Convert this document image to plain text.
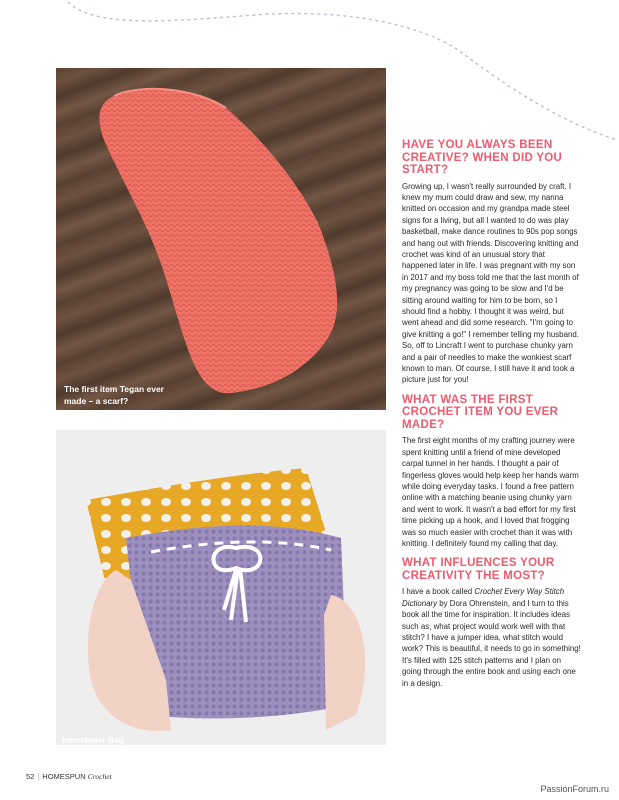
The first item Tegan ever
made – a scarf?
Interstellar Bag
HAVE YOU ALWAYS BEEN CREATIVE? WHEN DID YOU START?
Growing up, I wasn't really surrounded by craft. I knew my mum could draw and sew, my nanna knitted on occasion and my grandpa made steel signs for a living, but all I wanted to do was play basketball, make dance routines to 90s pop songs and hang out with friends. Discovering knitting and crochet was kind of an unusual story that happened later in life. I was pregnant with my son in 2017 and my boss told me that the last month of my pregnancy was going to be slow and I'd be sitting around waiting for him to be born, so I should find a hobby. I thought it was weird, but went ahead and did some research. "I'm going to give knitting a go!" I remember telling my husband. So, off to Lincraft I went to purchase chunky yarn and a pair of needles to make the wonkiest scarf known to man. Of course, I still have it and took a picture just for you!
WHAT WAS THE FIRST CROCHET ITEM YOU EVER MADE?
The first eight months of my crafting journey were spent knitting until a friend of mine developed carpal tunnel in her hands. I thought a pair of fingerless gloves would help keep her hands warm while doing everyday tasks. I found a free pattern online with a matching beanie using chunky yarn and went to work. It wasn't a bad effort for my first time picking up a hook, and I loved that frogging was so much easier with crochet than it was with knitting. I definitely found my calling that day.
WHAT INFLUENCES YOUR CREATIVITY THE MOST?
I have a book called Crochet Every Way Stitch Dictionary by Dora Ohrenstein, and I turn to this book all the time for inspiration. It includes ideas such as, what project would work well with that stitch? I have a jumper idea, what stitch would work? This is beautiful, it needs to go in something! It's filled with 125 stitch patterns and I plan on going through the entire book and using each one in a design.
52 | HOMESPUN Crochet
PassionForum.ru
